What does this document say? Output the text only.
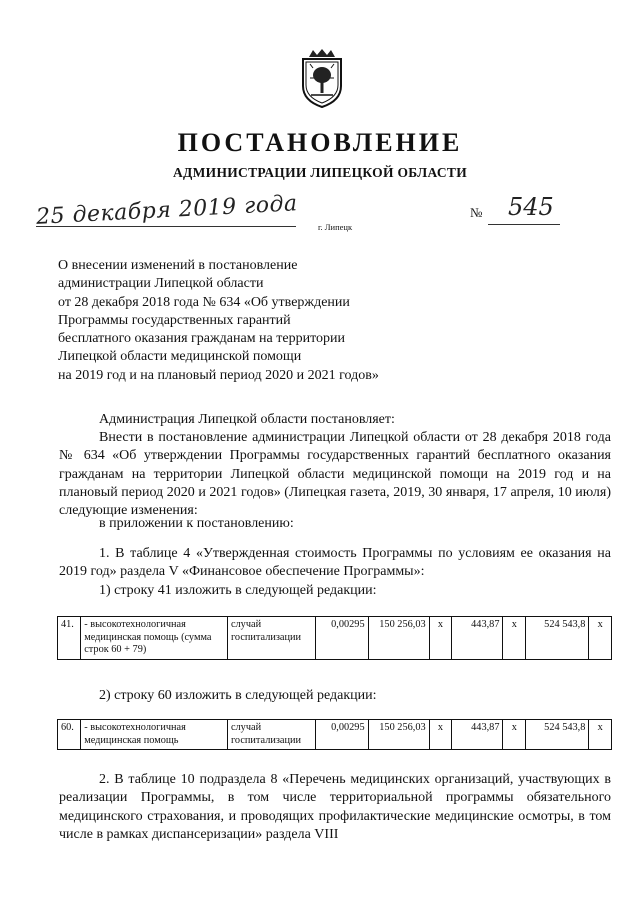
ПОСТАНОВЛЕНИЕ
АДМИНИСТРАЦИИ ЛИПЕЦКОЙ ОБЛАСТИ
25 декабря 2019 года г. Липецк
№ 545
О внесении изменений в постановление
администрации Липецкой области
от 28 декабря 2018 года № 634 «Об утверждении
Программы государственных гарантий
бесплатного оказания гражданам на территории
Липецкой области медицинской помощи
на 2019 год и на плановый период 2020 и 2021 годов»

Администрация Липецкой области постановляет:

Внести в постановление администрации Липецкой области от 28 декабря 2018 года № 634 «Об утверждении Программы государственных гарантий бесплатного оказания гражданам на территории Липецкой области медицинской помощи на 2019 год и на плановый период 2020 и 2021 годов» (Липецкая газета, 2019, 30 января, 17 апреля, 10 июля) следующие изменения:

в приложении к постановлению:

1. В таблице 4 «Утвержденная стоимость Программы по условиям ее оказания на 2019 год» раздела V «Финансовое обеспечение Программы»:

1) строку 41 изложить в следующей редакции:

41.	- высокотехнологичная медицинская помощь (сумма строк 60 + 79)	случай госпитализации	0,00295	150 256,03	х	443,87	х	524 543,8	х

2) строку 60 изложить в следующей редакции:

60.	- высокотехнологичная медицинская помощь	случай госпитализации	0,00295	150 256,03	х	443,87	х	524 543,8	х

2. В таблице 10 подраздела 8 «Перечень медицинских организаций, участвующих в реализации Программы, в том числе территориальной программы обязательного медицинского страхования, и проводящих профилактические медицинские осмотры, в том числе в рамках диспансеризации» раздела VIII
